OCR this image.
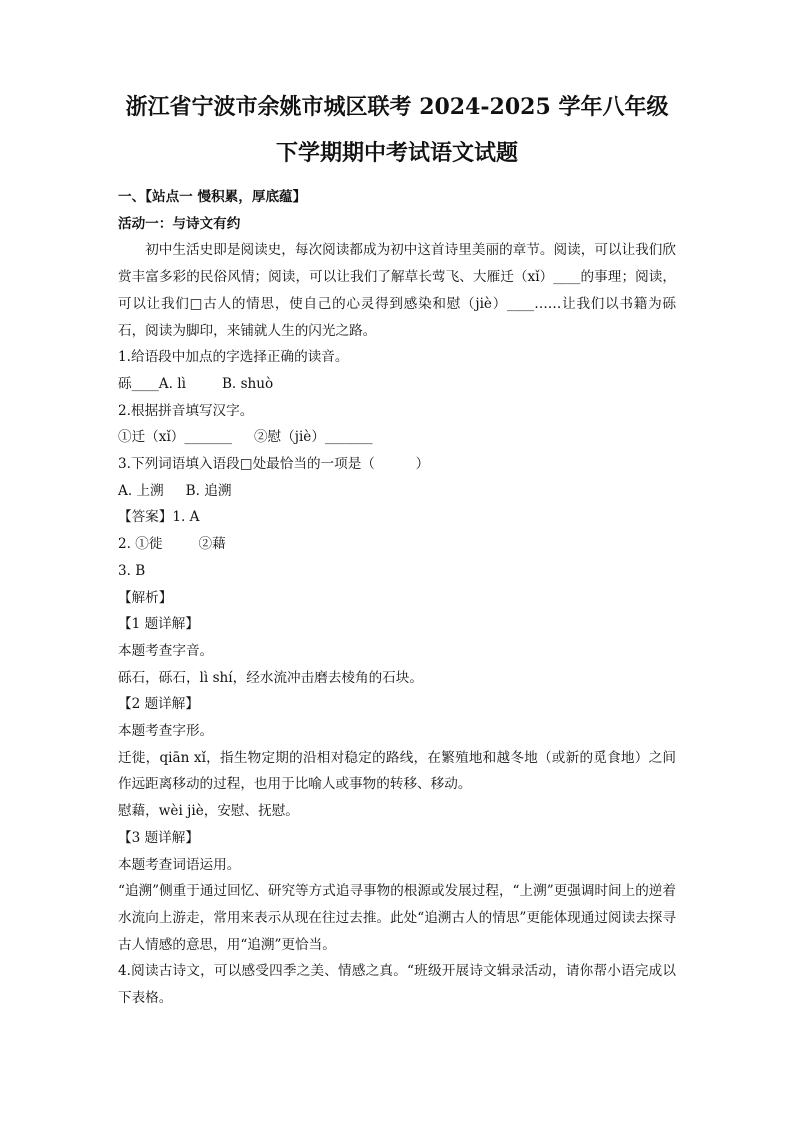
浙江省宁波市余姚市城区联考 2024-2025 学年八年级
下学期期中考试语文试题

一、【站点一 慢积累，厚底蕴】

活动一：与诗文有约

初中生活史即是阅读史，每次阅读都成为初中这首诗里美丽的章节。阅读，可以让我们欣赏丰富多彩的民俗风情；阅读，可以让我们了解草长莺飞、大雁迁（xǐ）____的事理；阅读，可以让我们□古人的情思，使自己的心灵得到感染和慰（jiè）____……让我们以书籍为砾石，阅读为脚印，来铺就人生的闪光之路。

1.给语段中加点的字选择正确的读音。

砾____A. lì	B. shuò

2.根据拼音填写汉字。

①迁（xǐ）_______ ②慰（jiè）_______

3.下列词语填入语段□处最恰当的一项是（　　　）

A. 上溯 B. 追溯

【答案】1. A

2. ①徙	②藉

3. B

【解析】

【1 题详解】

本题考查字音。

砾石，砾石，lì shí，经水流冲击磨去棱角的石块。

【2 题详解】

本题考查字形。

迁徙，qiān xǐ，指生物定期的沿相对稳定的路线，在繁殖地和越冬地（或新的觅食地）之间作远距离移动的过程，也用于比喻人或事物的转移、移动。

慰藉，wèi jiè，安慰、抚慰。

【3 题详解】

本题考查词语运用。

“追溯”侧重于通过回忆、研究等方式追寻事物的根源或发展过程，“上溯”更强调时间上的逆着水流向上游走，常用来表示从现在往过去推。此处“追溯古人的情思”更能体现通过阅读去探寻古人情感的意思，用“追溯”更恰当。

4.阅读古诗文，可以感受四季之美、情感之真。“班级开展诗文辑录活动，请你帮小语完成以下表格。
